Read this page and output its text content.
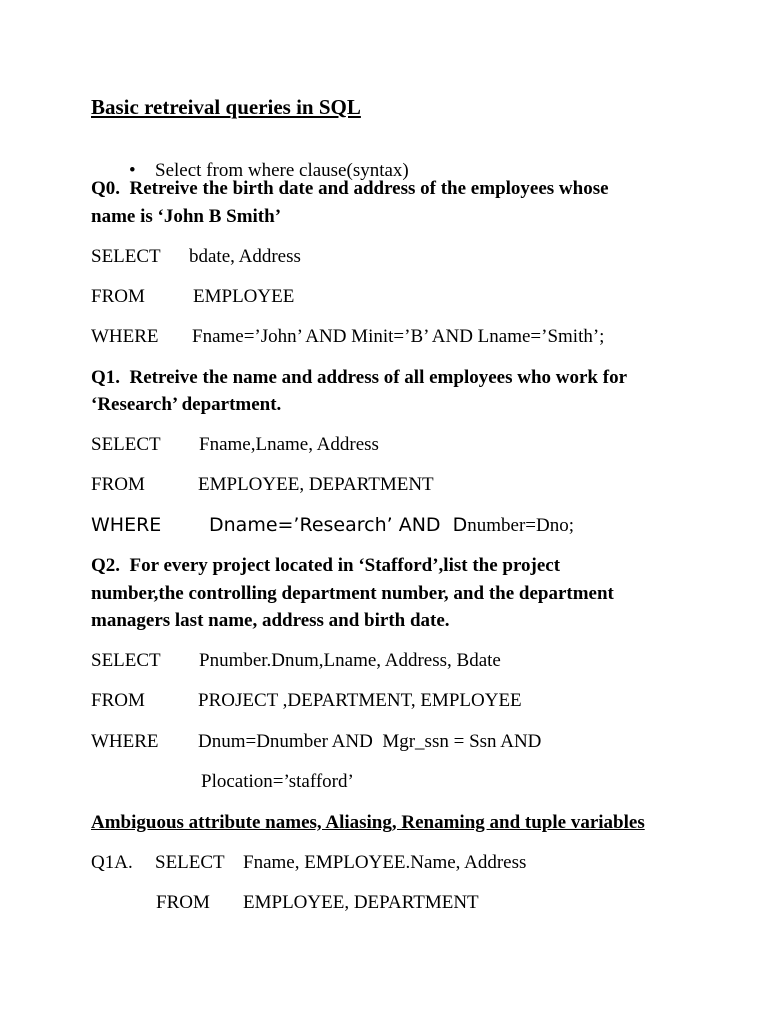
Basic retreival queries in SQL

• Select from where clause(syntax)

Q0.  Retreive the birth date and address of the employees whose
name is ‘John B Smith’
SELECT bdate, Address
FROM	EMPLOYEE
WHERE Fname=’John’ AND Minit=’B’ AND Lname=’Smith’;
Q1.  Retreive the name and address of all employees who work for
‘Research’ department.
SELECT Fname,Lname, Address
FROM	EMPLOYEE, DEPARTMENT
WHERE	Dname=’Research’ AND  Dnumber=Dno;
Q2.  For every project located in ‘Stafford’,list the project
number,the controlling department number, and the department
managers last name, address and birth date.
SELECT Pnumber.Dnum,Lname, Address, Bdate
FROM	PROJECT ,DEPARTMENT, EMPLOYEE
WHERE Dnum=Dnumber AND  Mgr_ssn = Ssn AND
Plocation=’stafford’
Ambiguous attribute names, Aliasing, Renaming and tuple variables
Q1A. SELECT Fname, EMPLOYEE.Name, Address
FROM EMPLOYEE, DEPARTMENT
